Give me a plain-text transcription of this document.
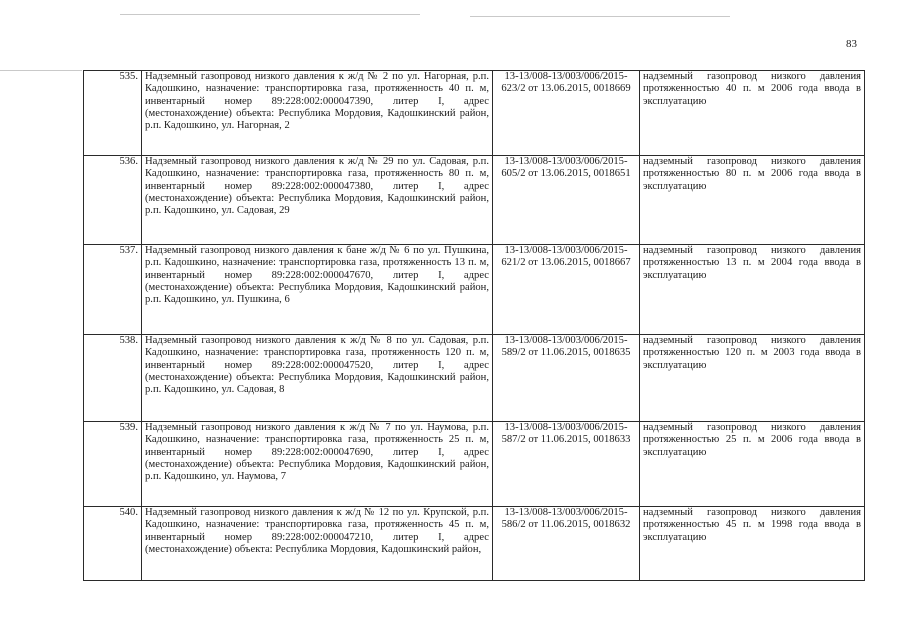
83
535.	Надземный газопровод низкого давления к ж/д № 2 по ул. Нагорная, р.п. Кадошкино, назначение: транспортировка газа, протяженность 40 п. м, инвентарный номер 89:228:002:000047390, литер I, адрес (местонахождение) объекта: Республика Мордовия, Кадошкинский район, р.п. Кадошкино, ул. Нагорная, 2	13-13/008-13/003/006/2015-623/2 от 13.06.2015, 0018669	надземный газопровод низкого давления протяженностью 40 п. м 2006 года ввода в эксплуатацию
536.	Надземный газопровод низкого давления к ж/д № 29 по ул. Садовая, р.п. Кадошкино, назначение: транспортировка газа, протяженность 80 п. м, инвентарный номер 89:228:002:000047380, литер I, адрес (местонахождение) объекта: Республика Мордовия, Кадошкинский район, р.п. Кадошкино, ул. Садовая, 29	13-13/008-13/003/006/2015-605/2 от 13.06.2015, 0018651	надземный газопровод низкого давления протяженностью 80 п. м 2006 года ввода в эксплуатацию
537.	Надземный газопровод низкого давления к бане ж/д № 6 по ул. Пушкина, р.п. Кадошкино, назначение: транспортировка газа, протяженность 13 п. м, инвентарный номер 89:228:002:000047670, литер I, адрес (местонахождение) объекта: Республика Мордовия, Кадошкинский район, р.п. Кадошкино, ул. Пушкина, 6	13-13/008-13/003/006/2015-621/2 от 13.06.2015, 0018667	надземный газопровод низкого давления протяженностью 13 п. м 2004 года ввода в эксплуатацию
538.	Надземный газопровод низкого давления к ж/д № 8 по ул. Садовая, р.п. Кадошкино, назначение: транспортировка газа, протяженность 120 п. м, инвентарный номер 89:228:002:000047520, литер I, адрес (местонахождение) объекта: Республика Мордовия, Кадошкинский район, р.п. Кадошкино, ул. Садовая, 8	13-13/008-13/003/006/2015-589/2 от 11.06.2015, 0018635	надземный газопровод низкого давления протяженностью 120 п. м 2003 года ввода в эксплуатацию
539.	Надземный газопровод низкого давления к ж/д № 7 по ул. Наумова, р.п. Кадошкино, назначение: транспортировка газа, протяженность 25 п. м, инвентарный номер 89:228:002:000047690, литер I, адрес (местонахождение) объекта: Республика Мордовия, Кадошкинский район, р.п. Кадошкино, ул. Наумова, 7	13-13/008-13/003/006/2015-587/2 от 11.06.2015, 0018633	надземный газопровод низкого давления протяженностью 25 п. м 2006 года ввода в эксплуатацию
540.	Надземный газопровод низкого давления к ж/д № 12 по ул. Крупской, р.п. Кадошкино, назначение: транспортировка газа, протяженность 45 п. м, инвентарный номер 89:228:002:000047210, литер I, адрес (местонахождение) объекта: Республика Мордовия, Кадошкинский район,	13-13/008-13/003/006/2015-586/2 от 11.06.2015, 0018632	надземный газопровод низкого давления протяженностью 45 п. м 1998 года ввода в эксплуатацию
